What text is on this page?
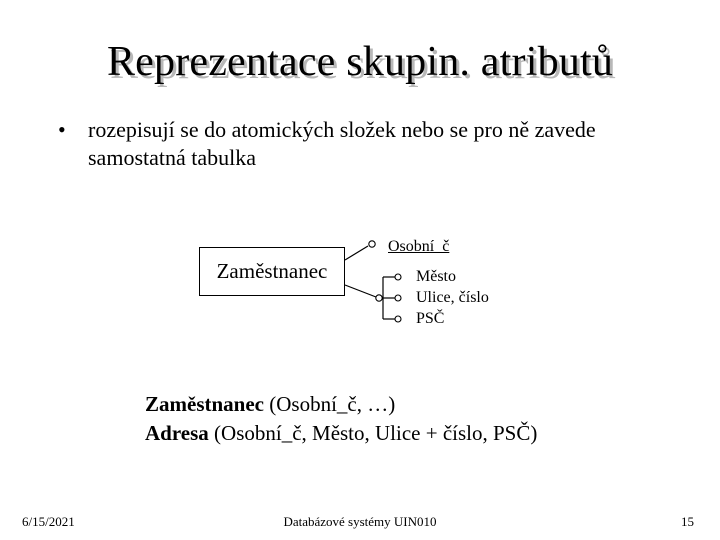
Reprezentace skupin. atributů
• rozepisují se do atomických složek nebo se pro ně zavede samostatná tabulka
Zaměstnanec
Osobní_č
Město
Ulice, číslo
PSČ
Zaměstnanec (Osobní_č, …)
Adresa (Osobní_č, Město, Ulice + číslo, PSČ)
6/15/2021	Databázové systémy UIN010	15
